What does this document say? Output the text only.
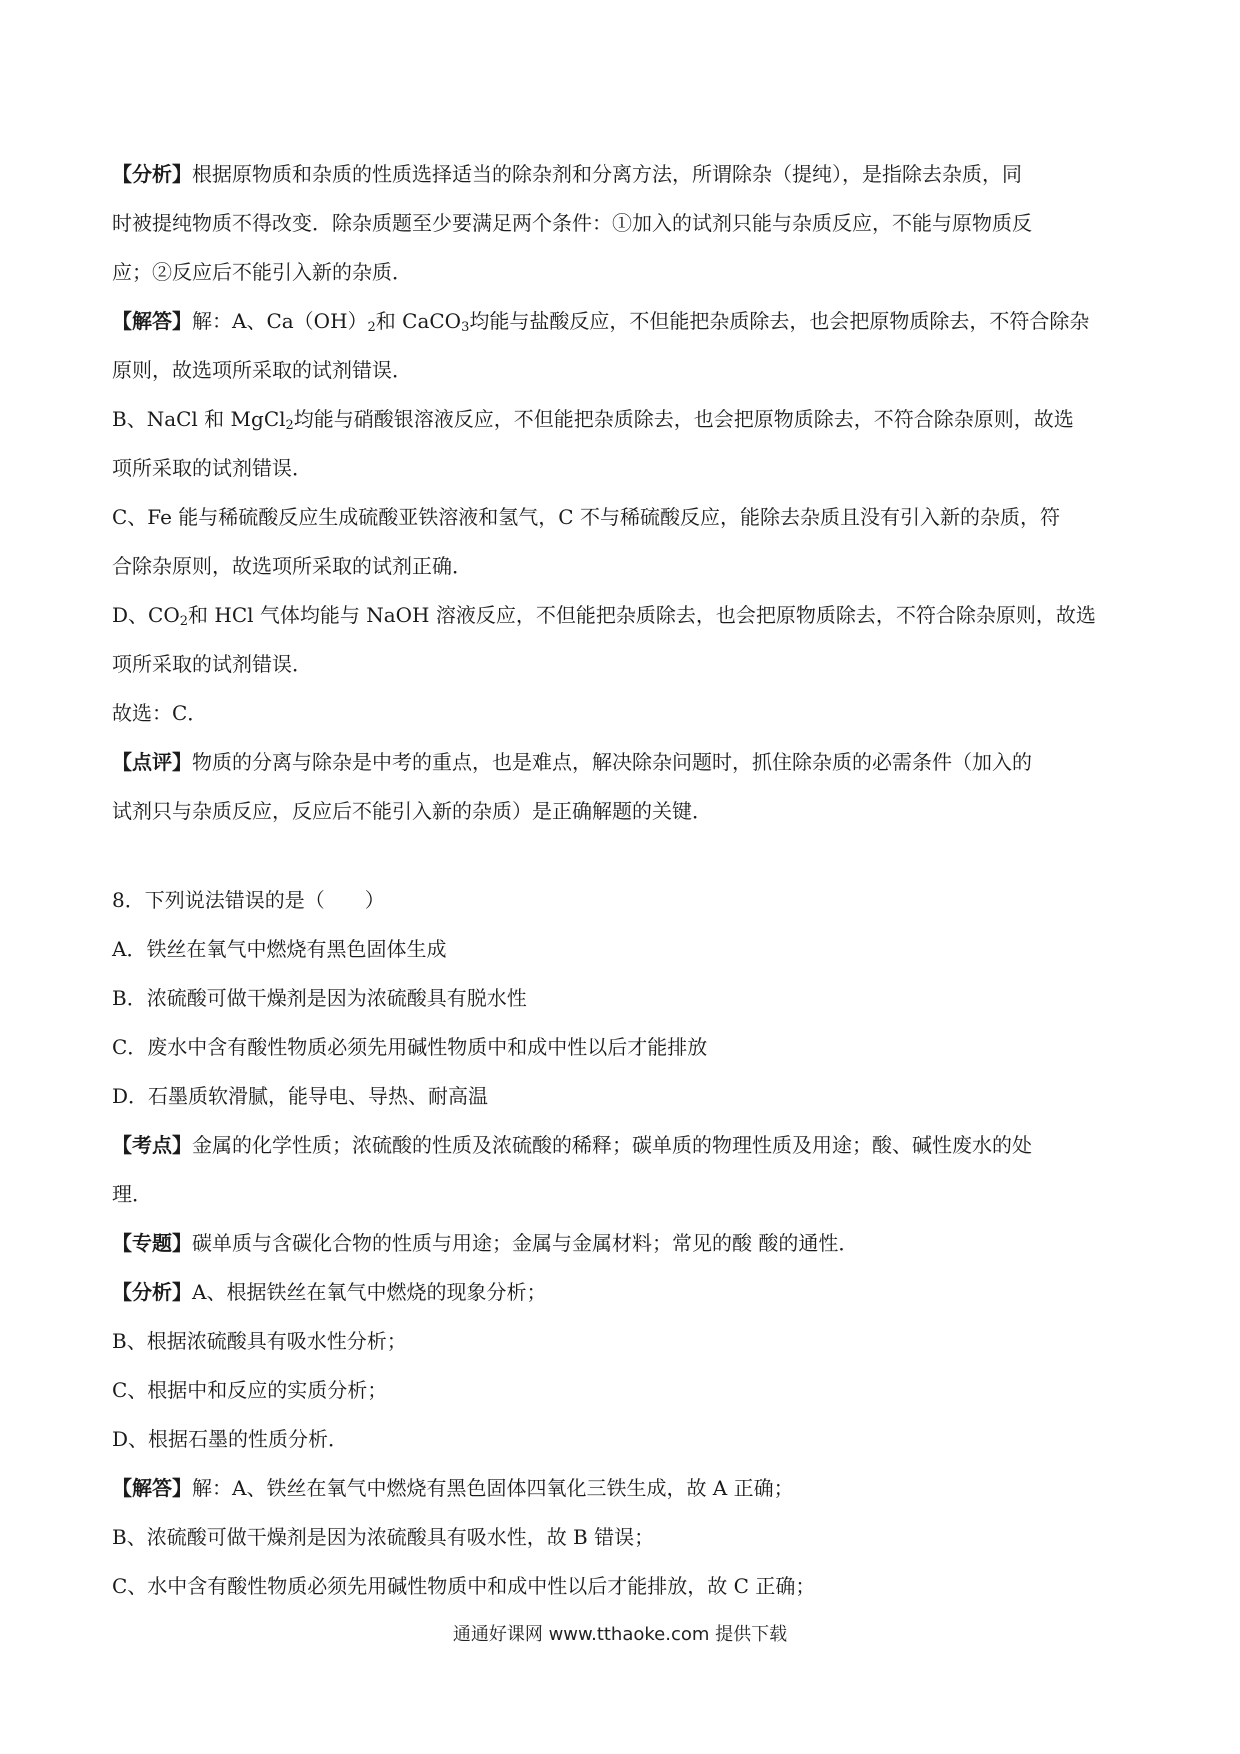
【分析】根据原物质和杂质的性质选择适当的除杂剂和分离方法，所谓除杂（提纯），是指除去杂质，同
时被提纯物质不得改变．除杂质题至少要满足两个条件：①加入的试剂只能与杂质反应，不能与原物质反
应；②反应后不能引入新的杂质．
【解答】解：A、$Ca(OH)_2$和 CaCO$_3$均能与盐酸反应，不但能把杂质除去，也会把原物质除去，不符合除杂
原则，故选项所采取的试剂错误．
B、NaCl 和 MgCl$_2$均能与硝酸银溶液反应，不但能把杂质除去，也会把原物质除去，不符合除杂原则，故选
项所采取的试剂错误．
C、Fe 能与稀硫酸反应生成硫酸亚铁溶液和氢气，C 不与稀硫酸反应，能除去杂质且没有引入新的杂质，符
合除杂原则，故选项所采取的试剂正确．
D、$CO_2$和 HCl 气体均能与 NaOH 溶液反应，不但能把杂质除去，也会把原物质除去，不符合除杂原则，故选
项所采取的试剂错误．
故选：C．
【点评】物质的分离与除杂是中考的重点，也是难点，解决除杂问题时，抓住除杂质的必需条件（加入的
试剂只与杂质反应，反应后不能引入新的杂质）是正确解题的关键．
8．下列说法错误的是（　　）
A．铁丝在氧气中燃烧有黑色固体生成
B．浓硫酸可做干燥剂是因为浓硫酸具有脱水性
C．废水中含有酸性物质必须先用碱性物质中和成中性以后才能排放
D．石墨质软滑腻，能导电、导热、耐高温
【考点】金属的化学性质；浓硫酸的性质及浓硫酸的稀释；碳单质的物理性质及用途；酸、碱性废水的处
理．
【专题】碳单质与含碳化合物的性质与用途；金属与金属材料；常见的酸 酸的通性．
【分析】A、根据铁丝在氧气中燃烧的现象分析；
B、根据浓硫酸具有吸水性分析；
C、根据中和反应的实质分析；
D、根据石墨的性质分析．
【解答】解：A、铁丝在氧气中燃烧有黑色固体四氧化三铁生成，故 A 正确；
B、浓硫酸可做干燥剂是因为浓硫酸具有吸水性，故 B 错误；
C、水中含有酸性物质必须先用碱性物质中和成中性以后才能排放，故 C 正确；
通通好课网 www.tthaoke.com 提供下载
